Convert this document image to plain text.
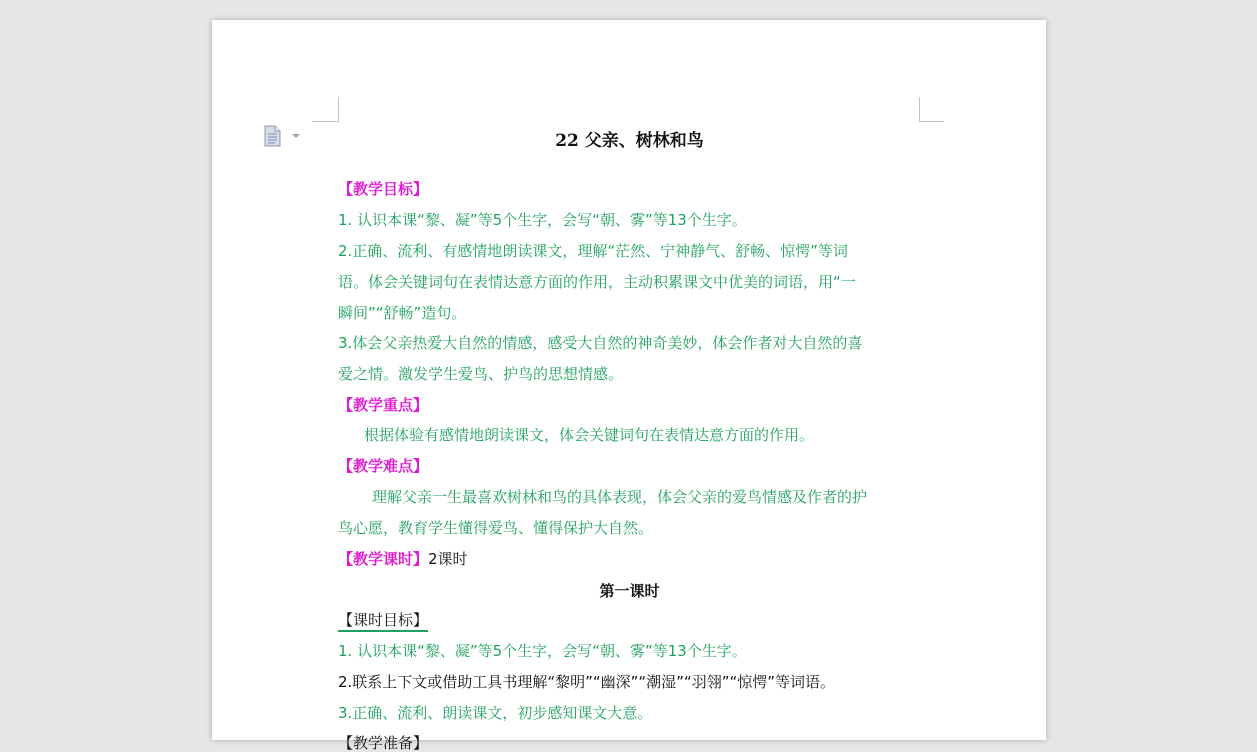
22 父亲、树林和鸟
【教学目标】
1. 认识本课“黎、凝”等5个生字，会写“朝、雾”等13个生字。
2.正确、流利、有感情地朗读课文，理解“茫然、宁神静气、舒畅、惊愕”等词
语。体会关键词句在表情达意方面的作用，主动积累课文中优美的词语，用“一
瞬间”“舒畅”造句。
3.体会父亲热爱大自然的情感，感受大自然的神奇美妙，体会作者对大自然的喜
爱之情。激发学生爱鸟、护鸟的思想情感。
【教学重点】
根据体验有感情地朗读课文，体会关键词句在表情达意方面的作用。
【教学难点】
理解父亲一生最喜欢树林和鸟的具体表现，体会父亲的爱鸟情感及作者的护
鸟心愿，教育学生懂得爱鸟、懂得保护大自然。
【教学课时】2课时
第一课时
【课时目标】
1. 认识本课“黎、凝”等5个生字，会写“朝、雾”等13个生字。
2.联系上下文或借助工具书理解“黎明”“幽深”“潮湿”“羽翎”“惊愕”等词语。
3.正确、流利、朗读课文，初步感知课文大意。
【教学准备】
